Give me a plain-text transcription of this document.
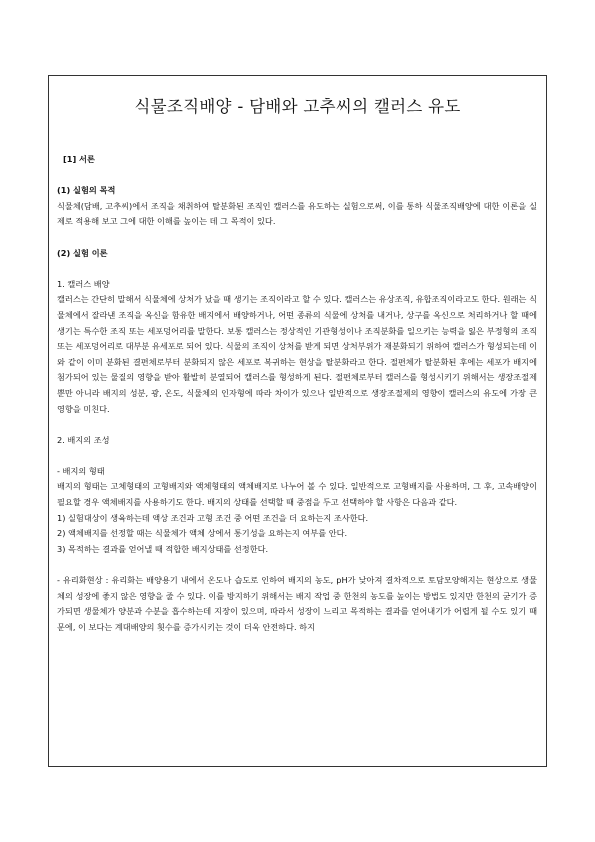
식물조직배양 - 담배와 고추씨의 캘러스 유도

[1] 서론

(1) 실험의 목적

식물체(담배, 고추씨)에서 조직을 채취하여 탈분화된 조직인 캘러스를 유도하는 실험으로써, 이를 통하 식물조직배양에 대한 이론을 실제로 적용해 보고 그에 대한 이해를 높이는 데 그 목적이 있다.

(2) 실험 이론

1. 캘러스 배양

캘러스는 간단히 말해서 식물체에 상처가 났을 때 생기는 조직이라고 할 수 있다. 캘러스는 유상조직, 유합조직이라고도 한다. 원래는 식물체에서 잘라낸 조직을 옥신을 함유한 배지에서 배양하거나, 어떤 종류의 식물에 상처를 내거나, 상구를 옥신으로 처리하거나 할 때에 생기는 특수한 조직 또는 세포덩어리를 말한다. 보통 캘러스는 정상적인 기관형성이나 조직분화를 일으키는 능력을 잃은 부정형의 조직 또는 세포덩어리로 대부분 유세포로 되어 있다. 식물의 조직이 상처를 받게 되면 상처부위가 재분화되기 위하여 캘러스가 형성되는데 이와 같이 이미 분화된 결편체로부터 분화되지 않은 세포로 복귀하는 현상을 탈분화라고 한다. 절편체가 탈분화된 후에는 세포가 배지에 첨가되어 있는 물질의 영향을 받아 활발히 분열되어 캘러스를 형성하게 된다. 절편체로부터 캘러스를 형성시키기 위해서는 생장조절제 뿐만 아니라 배지의 성분, 광, 온도, 식물체의 인자형에 따라 차이가 있으나 일반적으로 생장조절제의 영향이 캘러스의 유도에 가장 큰 영향을 미친다.

2. 배지의 조성

- 배지의 형태

배지의 형태는 고체형태의 고형배지와 액체형태의 액체배지로 나누어 볼 수 있다. 일반적으로 고형배지를 사용하며, 그 후, 고속배양이 필요할 경우 액체배지를 사용하기도 한다. 배지의 상태를 선택할 때 중점을 두고 선택하야 할 사항은 다음과 같다.

1) 실험대상이 생육하는데 액상 조건과 고형 조건 중 어떤 조건을 더 요하는지 조사한다.

2) 액체배지를 선정할 때는 식물체가 액체 상에서 통기성을 요하는지 여부를 안다.

3) 목적하는 결과를 얻어낼 때 적합한 배지상태를 선정한다.

- 유리화현상 : 유리화는 배양용기 내에서 온도나 습도로 인하여 배지의 농도, pH가 낮아져 결차적으로 토담모양해지는 현상으로 생물체의 성장에 좋지 않은 영향을 줄 수 있다. 이를 방지하기 위해서는 배지 작업 중 한천의 농도를 높이는 방법도 있지만 한천의 굳기가 증가되면 생물체가 양분과 수분을 흡수하는데 지장이 있으며, 따라서 성장이 느리고 목적하는 결과를 얻어내기가 어렵게 될 수도 있기 때문에, 이 보다는 계대배양의 횟수를 증가시키는 것이 더욱 안전하다. 하지
